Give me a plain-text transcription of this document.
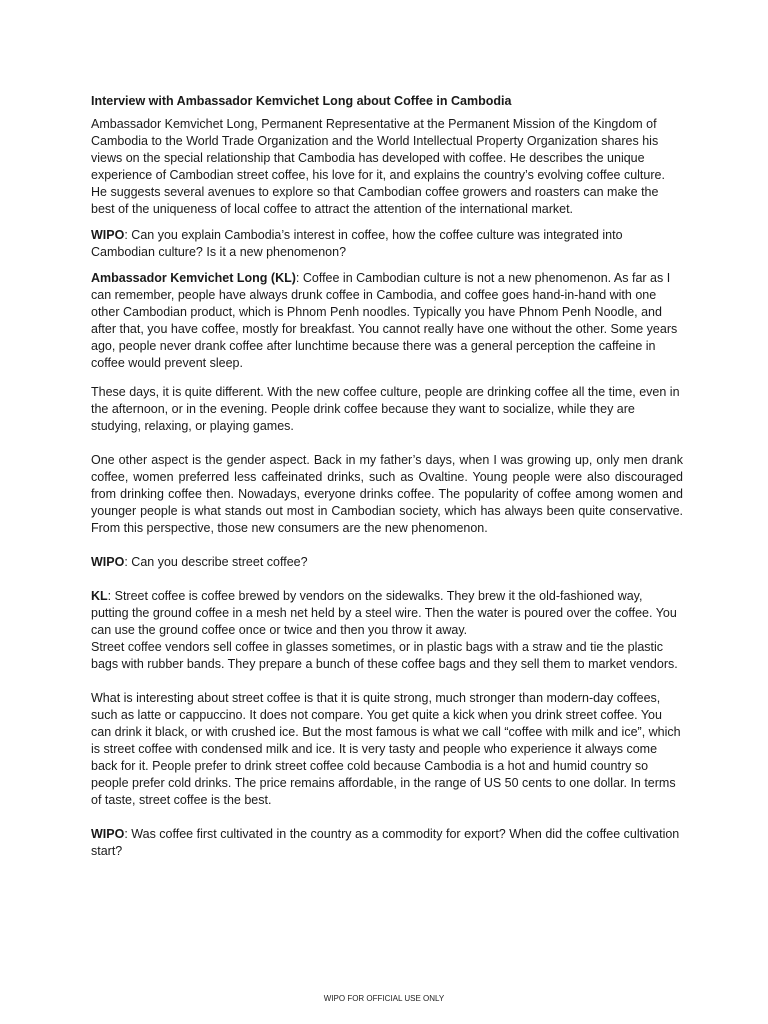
Interview with Ambassador Kemvichet Long about Coffee in Cambodia

Ambassador Kemvichet Long, Permanent Representative at the Permanent Mission of the Kingdom of Cambodia to the World Trade Organization and the World Intellectual Property Organization shares his views on the special relationship that Cambodia has developed with coffee. He describes the unique experience of Cambodian street coffee, his love for it, and explains the country’s evolving coffee culture. He suggests several avenues to explore so that Cambodian coffee growers and roasters can make the best of the uniqueness of local coffee to attract the attention of the international market.

WIPO: Can you explain Cambodia’s interest in coffee, how the coffee culture was integrated into Cambodian culture? Is it a new phenomenon?

Ambassador Kemvichet Long (KL): Coffee in Cambodian culture is not a new phenomenon. As far as I can remember, people have always drunk coffee in Cambodia, and coffee goes hand-in-hand with one other Cambodian product, which is Phnom Penh noodles. Typically you have Phnom Penh Noodle, and after that, you have coffee, mostly for breakfast. You cannot really have one without the other. Some years ago, people never drank coffee after lunchtime because there was a general perception the caffeine in coffee would prevent sleep.

These days, it is quite different. With the new coffee culture, people are drinking coffee all the time, even in the afternoon, or in the evening. People drink coffee because they want to socialize, while they are studying, relaxing, or playing games.

One other aspect is the gender aspect. Back in my father’s days, when I was growing up, only men drank coffee, women preferred less caffeinated drinks, such as Ovaltine. Young people were also discouraged from drinking coffee then. Nowadays, everyone drinks coffee. The popularity of coffee among women and younger people is what stands out most in Cambodian society, which has always been quite conservative. From this perspective, those new consumers are the new phenomenon.

WIPO: Can you describe street coffee?

KL: Street coffee is coffee brewed by vendors on the sidewalks. They brew it the old-fashioned way, putting the ground coffee in a mesh net held by a steel wire. Then the water is poured over the coffee. You can use the ground coffee once or twice and then you throw it away.

Street coffee vendors sell coffee in glasses sometimes, or in plastic bags with a straw and tie the plastic bags with rubber bands. They prepare a bunch of these coffee bags and they sell them to market vendors.

What is interesting about street coffee is that it is quite strong, much stronger than modern-day coffees, such as latte or cappuccino. It does not compare. You get quite a kick when you drink street coffee. You can drink it black, or with crushed ice. But the most famous is what we call “coffee with milk and ice”, which is street coffee with condensed milk and ice. It is very tasty and people who experience it always come back for it. People prefer to drink street coffee cold because Cambodia is a hot and humid country so people prefer cold drinks. The price remains affordable, in the range of US 50 cents to one dollar. In terms of taste, street coffee is the best.

WIPO: Was coffee first cultivated in the country as a commodity for export? When did the coffee cultivation start?

WIPO FOR OFFICIAL USE ONLY
